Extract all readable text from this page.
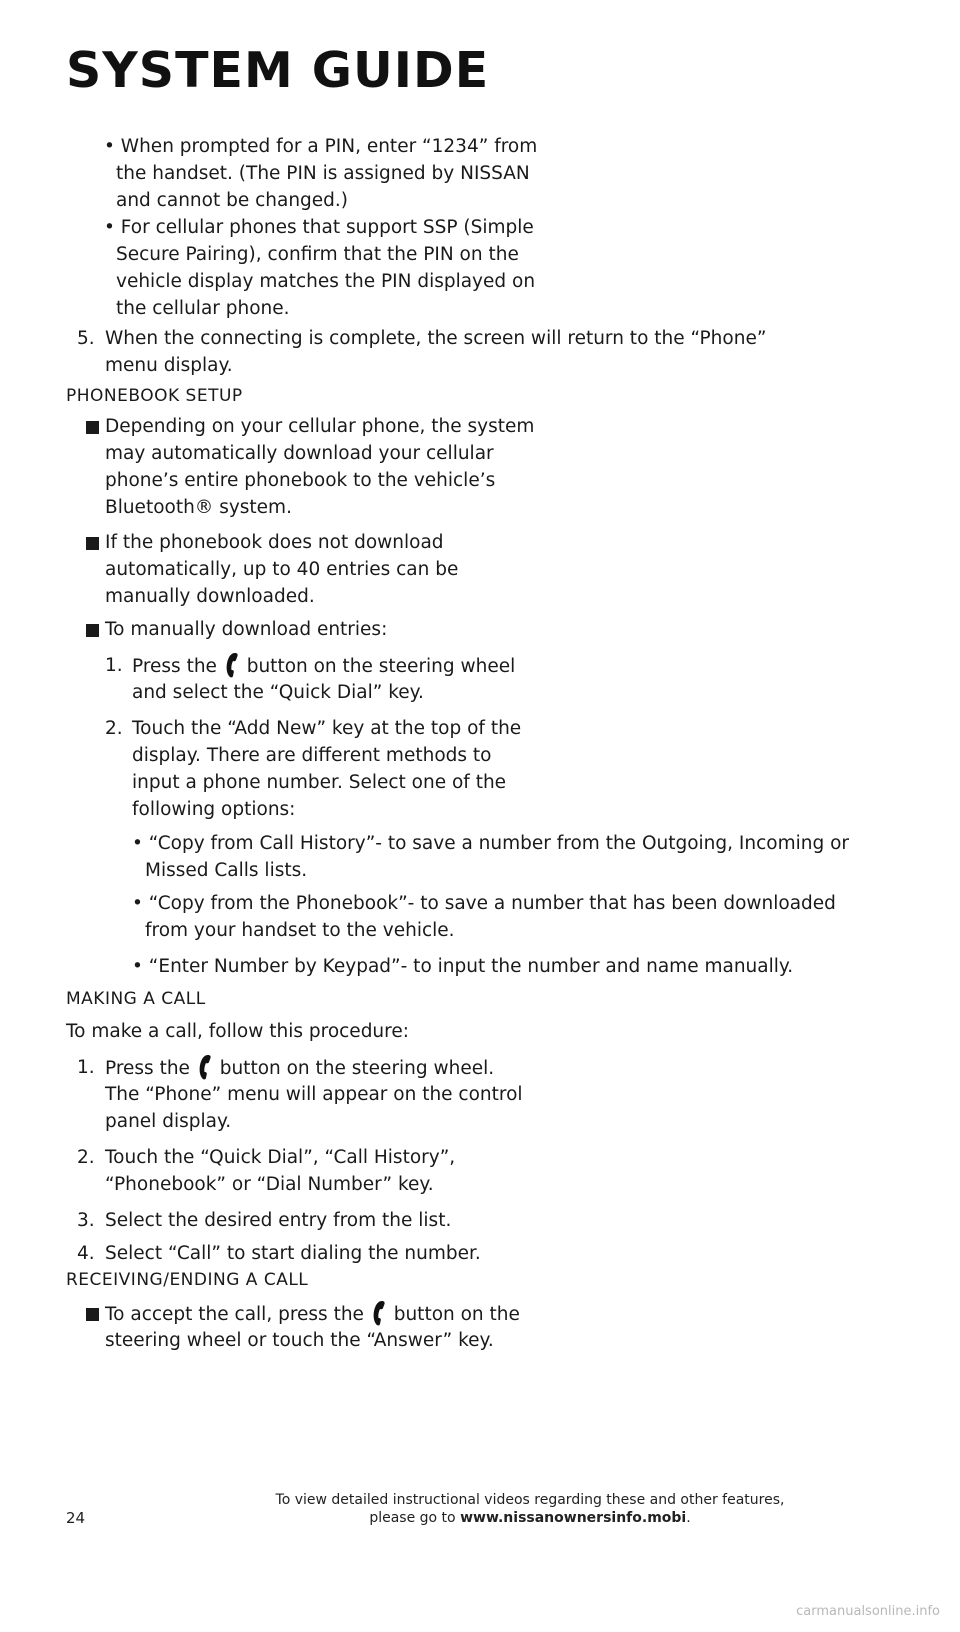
SYSTEM GUIDE
• When prompted for a PIN, enter “1234” from
the handset. (The PIN is assigned by NISSAN
and cannot be changed.)
• For cellular phones that support SSP (Simple
Secure Pairing), confirm that the PIN on the
vehicle display matches the PIN displayed on
the cellular phone.
5. When the connecting is complete, the screen will return to the “Phone”
menu display.
PHONEBOOK SETUP
Depending on your cellular phone, the system
may automatically download your cellular
phone’s entire phonebook to the vehicle’s
Bluetooth® system.
If the phonebook does not download
automatically, up to 40 entries can be
manually downloaded.
To manually download entries:
1. Press the button on the steering wheel
and select the “Quick Dial” key.
2. Touch the “Add New” key at the top of the
display. There are different methods to
input a phone number. Select one of the
following options:
• “Copy from Call History”- to save a number from the Outgoing, Incoming or
Missed Calls lists.
• “Copy from the Phonebook”- to save a number that has been downloaded
from your handset to the vehicle.
• “Enter Number by Keypad”- to input the number and name manually.
MAKING A CALL
To make a call, follow this procedure:
1. Press the button on the steering wheel.
The “Phone” menu will appear on the control
panel display.
2. Touch the “Quick Dial”, “Call History”,
“Phonebook” or “Dial Number” key.
3. Select the desired entry from the list.
4. Select “Call” to start dialing the number.
RECEIVING/ENDING A CALL
To accept the call, press the button on the
steering wheel or touch the “Answer” key.
To view detailed instructional videos regarding these and other features,
please go to www.nissanownersinfo.mobi.
24
carmanualsonline.info
